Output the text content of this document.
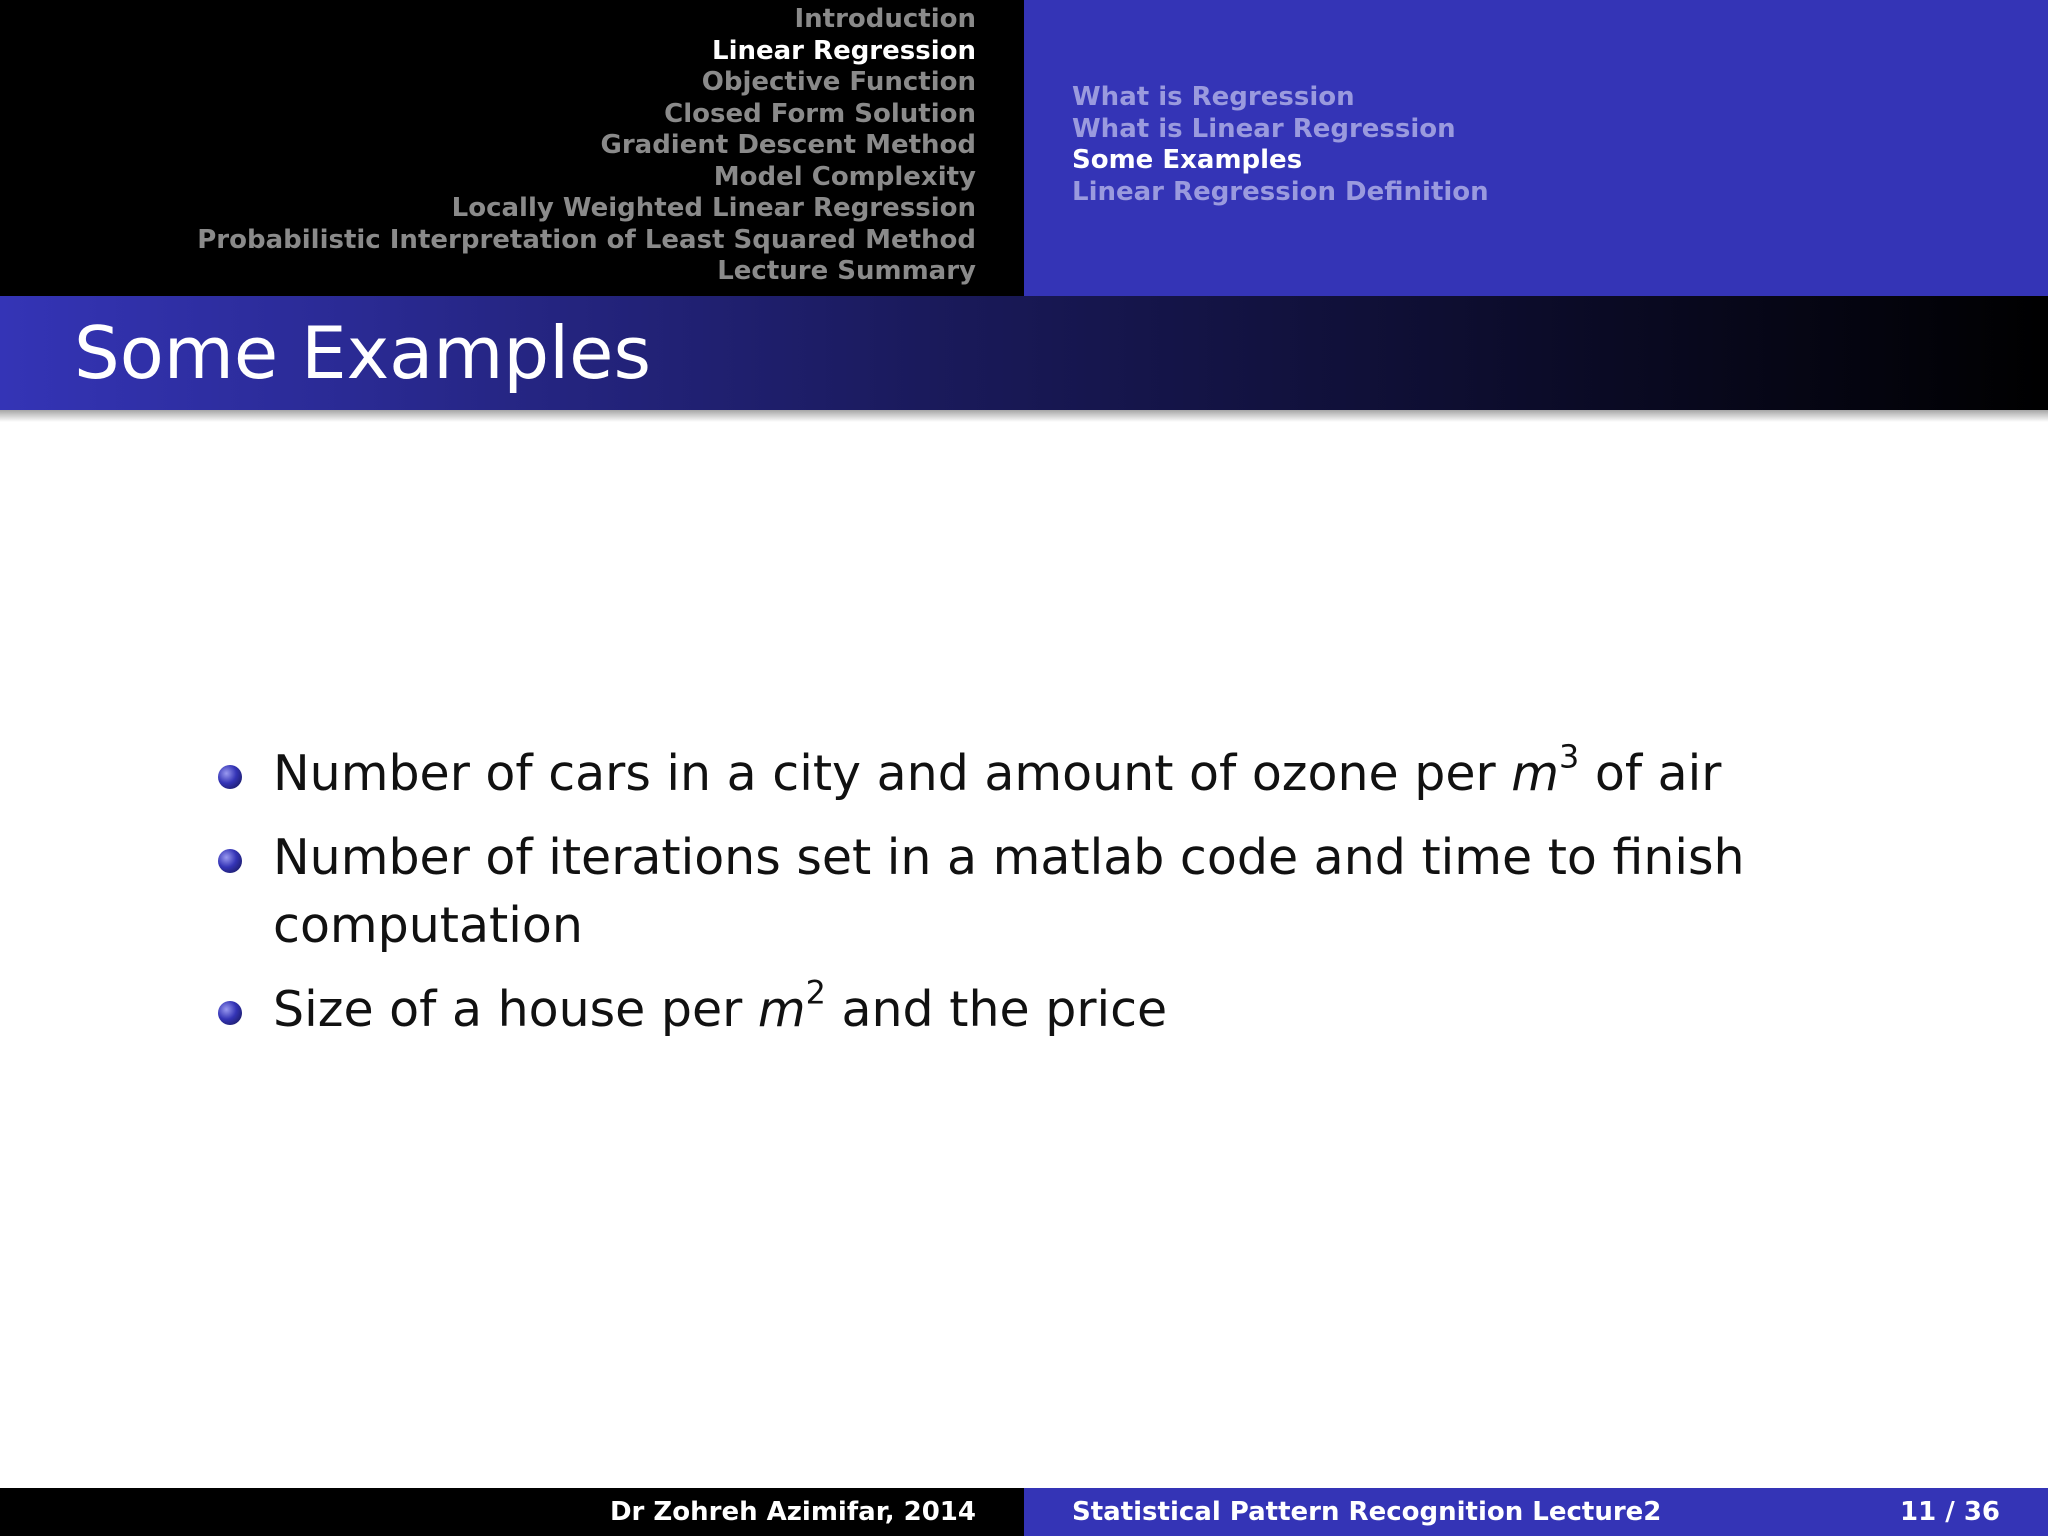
Introduction
Linear Regression
Objective Function
Closed Form Solution
Gradient Descent Method
Model Complexity
Locally Weighted Linear Regression
Probabilistic Interpretation of Least Squared Method
Lecture Summary
What is Regression
What is Linear Regression
Some Examples
Linear Regression Definition
Some Examples
Number of cars in a city and amount of ozone per $m^3$ of air
Number of iterations set in a matlab code and time to finish computation
Size of a house per $m^2$ and the price
Dr Zohreh Azimifar, 2014	Statistical Pattern Recognition Lecture2	11 / 36
